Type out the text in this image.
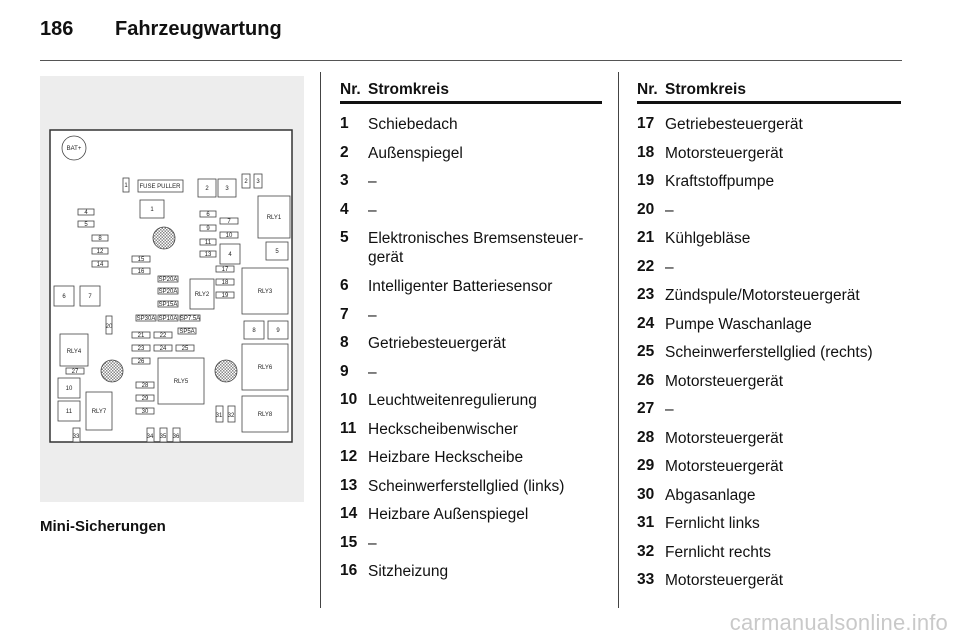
186 Fahrzeugwartung
BAT+
FUSE PULLER
1	2	3
2 3
1
RLY1
5
4
5
8
12
14
15
16
6
7
9
10
11
13	4
17
18
19
RLY3
RLY2
SP20A
SP20A
SP15A
SP30A SP10A SP7.5A
SP5A
6	7
20
8	9
21	22
23	24	25
26
RLY4
RLY6
27
RLY5
28
29
30
10
11	RLY7	RLY8
31 32
33	34 35 36
Mini-Sicherungen
Nr. Stromkreis
1 Schiebedach
2 Außenspiegel
3 –
4 –
5 Elektronisches Bremsensteuer-
gerät
6 Intelligenter Batteriesensor
7 –
8 Getriebesteuergerät
9 –
10 Leuchtweitenregulierung
11 Heckscheibenwischer
12 Heizbare Heckscheibe
13 Scheinwerferstellglied (links)
14 Heizbare Außenspiegel
15 –
16 Sitzheizung
Nr. Stromkreis
17 Getriebesteuergerät
18 Motorsteuergerät
19 Kraftstoffpumpe
20 –
21 Kühlgebläse
22 –
23 Zündspule/Motorsteuergerät
24 Pumpe Waschanlage
25 Scheinwerferstellglied (rechts)
26 Motorsteuergerät
27 –
28 Motorsteuergerät
29 Motorsteuergerät
30 Abgasanlage
31 Fernlicht links
32 Fernlicht rechts
33 Motorsteuergerät
carmanualsonline.info
